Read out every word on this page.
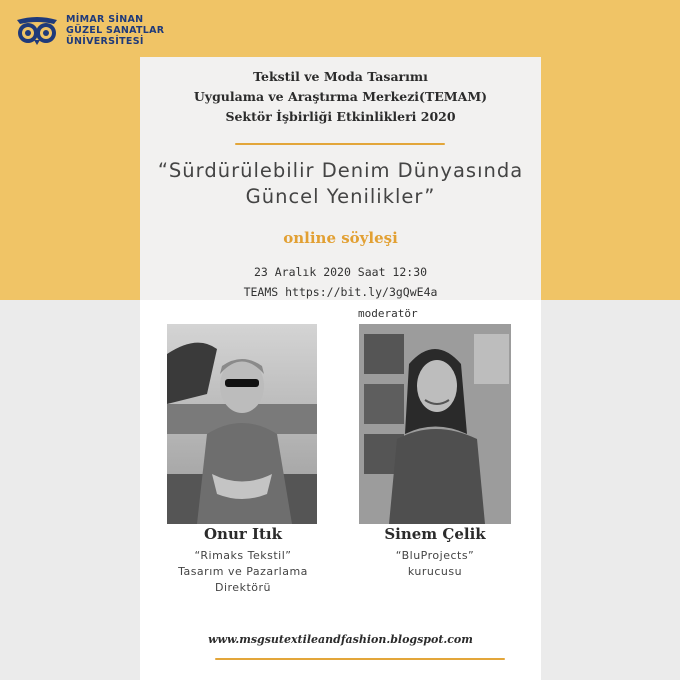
MİMAR SİNAN
GÜZEL SANATLAR
ÜNİVERSİTESİ
Tekstil ve Moda Tasarımı
Uygulama ve Araştırma Merkezi(TEMAM)
Sektör İşbirliği Etkinlikleri 2020
“Sürdürülebilir Denim Dünyasında
Güncel Yenilikler”
online söyleşi
23 Aralık 2020 Saat 12:30
TEAMS https://bit.ly/3gQwE4a
moderatör
Onur Itık
“Rimaks Tekstil”
Tasarım ve Pazarlama
Direktörü
Sinem Çelik
“BluProjects”
kurucusu
www.msgsutextileandfashion.blogspot.com
